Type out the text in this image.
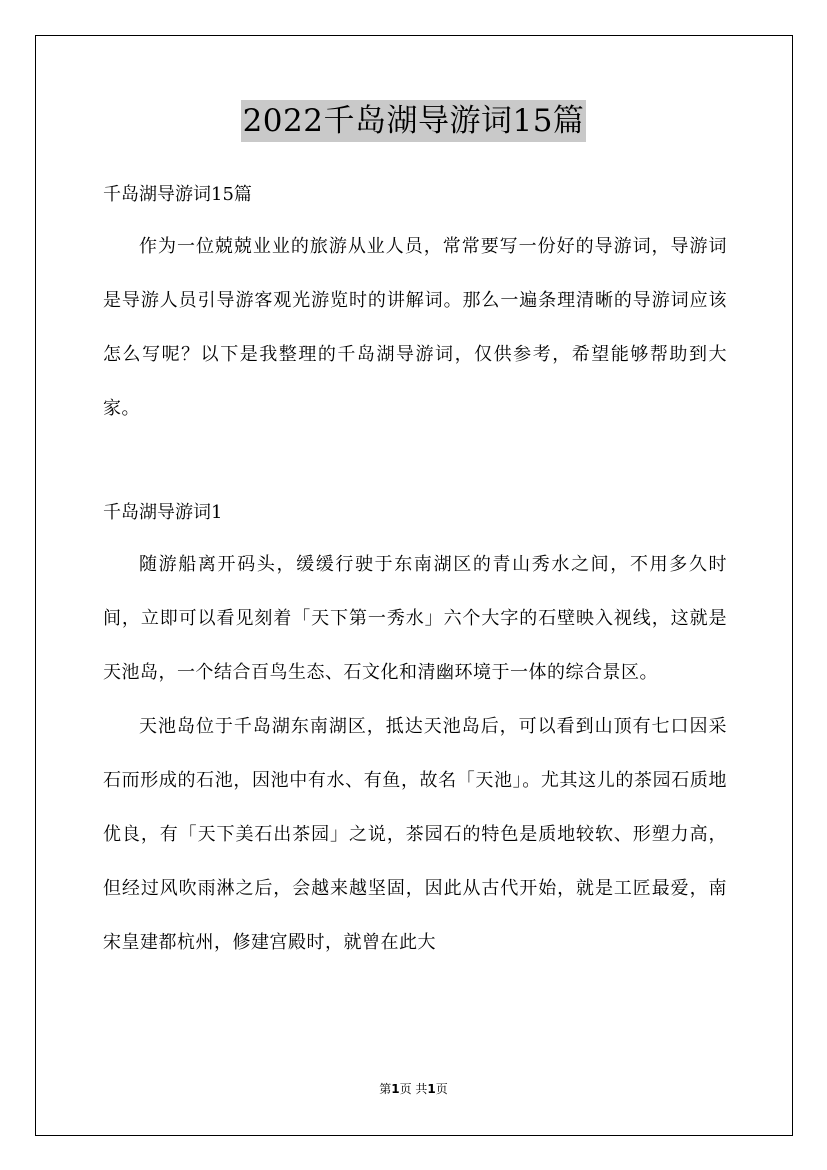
2022千岛湖导游词15篇

千岛湖导游词15篇

作为一位兢兢业业的旅游从业人员，常常要写一份好的导游词，导游词是导游人员引导游客观光游览时的讲解词。那么一遍条理清晰的导游词应该怎么写呢？以下是我整理的千岛湖导游词，仅供参考，希望能够帮助到大家。

千岛湖导游词1

随游船离开码头，缓缓行驶于东南湖区的青山秀水之间，不用多久时间，立即可以看见刻着「天下第一秀水」六个大字的石壁映入视线，这就是天池岛，一个结合百鸟生态、石文化和清幽环境于一体的综合景区。

天池岛位于千岛湖东南湖区，抵达天池岛后，可以看到山顶有七口因采石而形成的石池，因池中有水、有鱼，故名「天池」。尤其这儿的茶园石质地优良，有「天下美石出茶园」之说，茶园石的特色是质地较软、形塑力高，但经过风吹雨淋之后，会越来越坚固，因此从古代开始，就是工匠最爱，南宋皇建都杭州，修建宫殿时，就曾在此大

第1页 共1页
